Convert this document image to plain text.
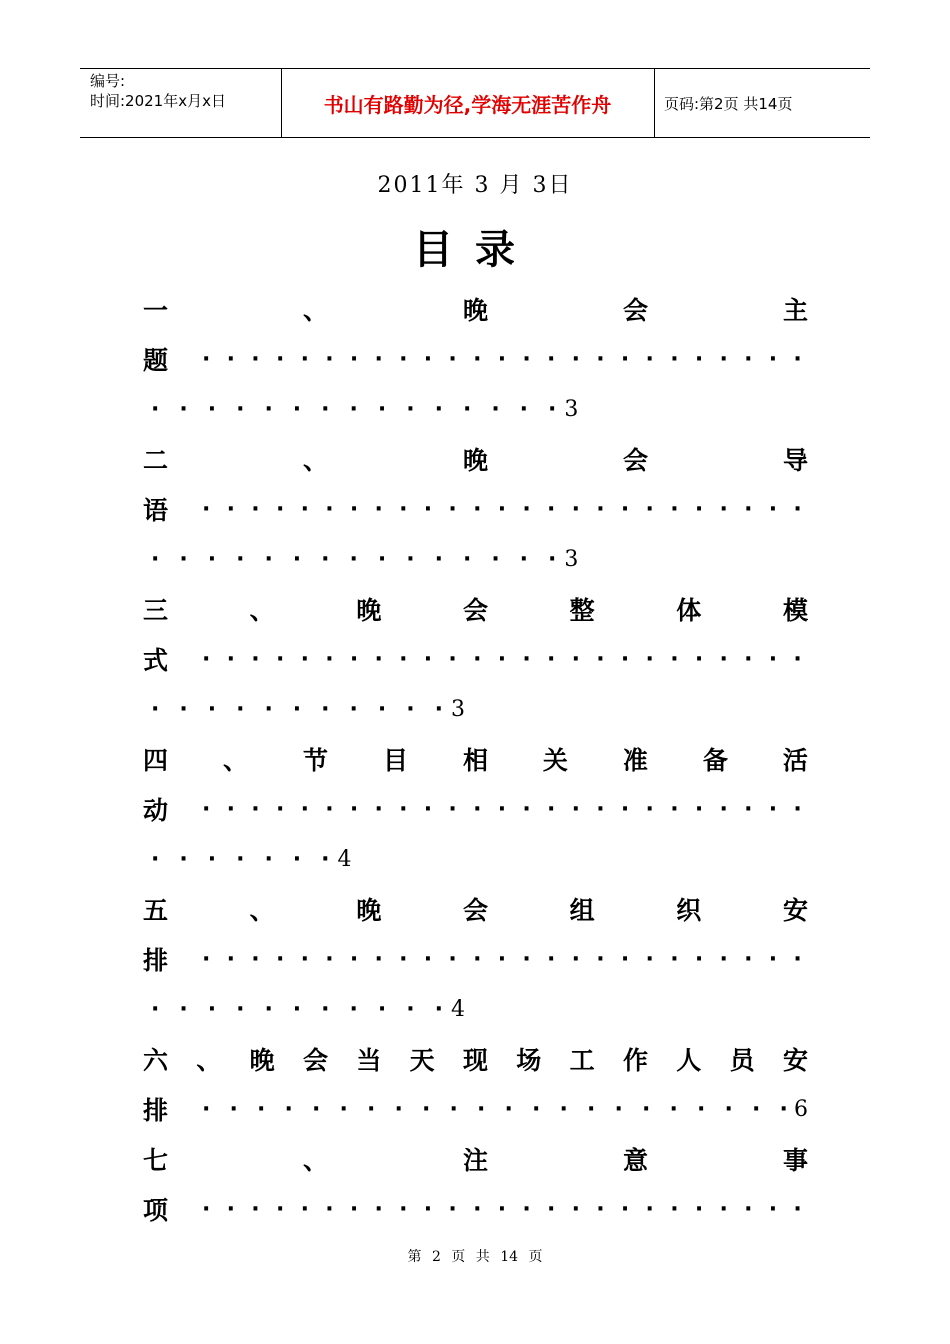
编号:
时间:2021年x月x日	书山有路勤为径,学海无涯苦作舟	页码:第2页 共14页
2011年 3 月 3日
目录
一	、	晚	会	主
题 · · · · · · · · · · · · · · · · · · · · · · · · ·
· · · · · · · · · · · · · · · 3
二	、	晚	会	导
语 · · · · · · · · · · · · · · · · · · · · · · · · ·
· · · · · · · · · · · · · · · 3
三	、	晚	会	整	体	模
式 · · · · · · · · · · · · · · · · · · · · · · · · ·
· · · · · · · · · · · 3
四 、 节 目 相 关 准 备 活
动 · · · · · · · · · · · · · · · · · · · · · · · · ·
· · · · · · · 4
五	、	晚	会	组	织	安
排 · · · · · · · · · · · · · · · · · · · · · · · · ·
· · · · · · · · · · · 4
六 、 晚 会 当 天 现 场 工 作 人 员 安
排 · · · · · · · · · · · · · · · · · · · · · · 6
七	、	注	意	事
项 · · · · · · · · · · · · · · · · · · · · · · · · ·
第 2 页 共 14 页
